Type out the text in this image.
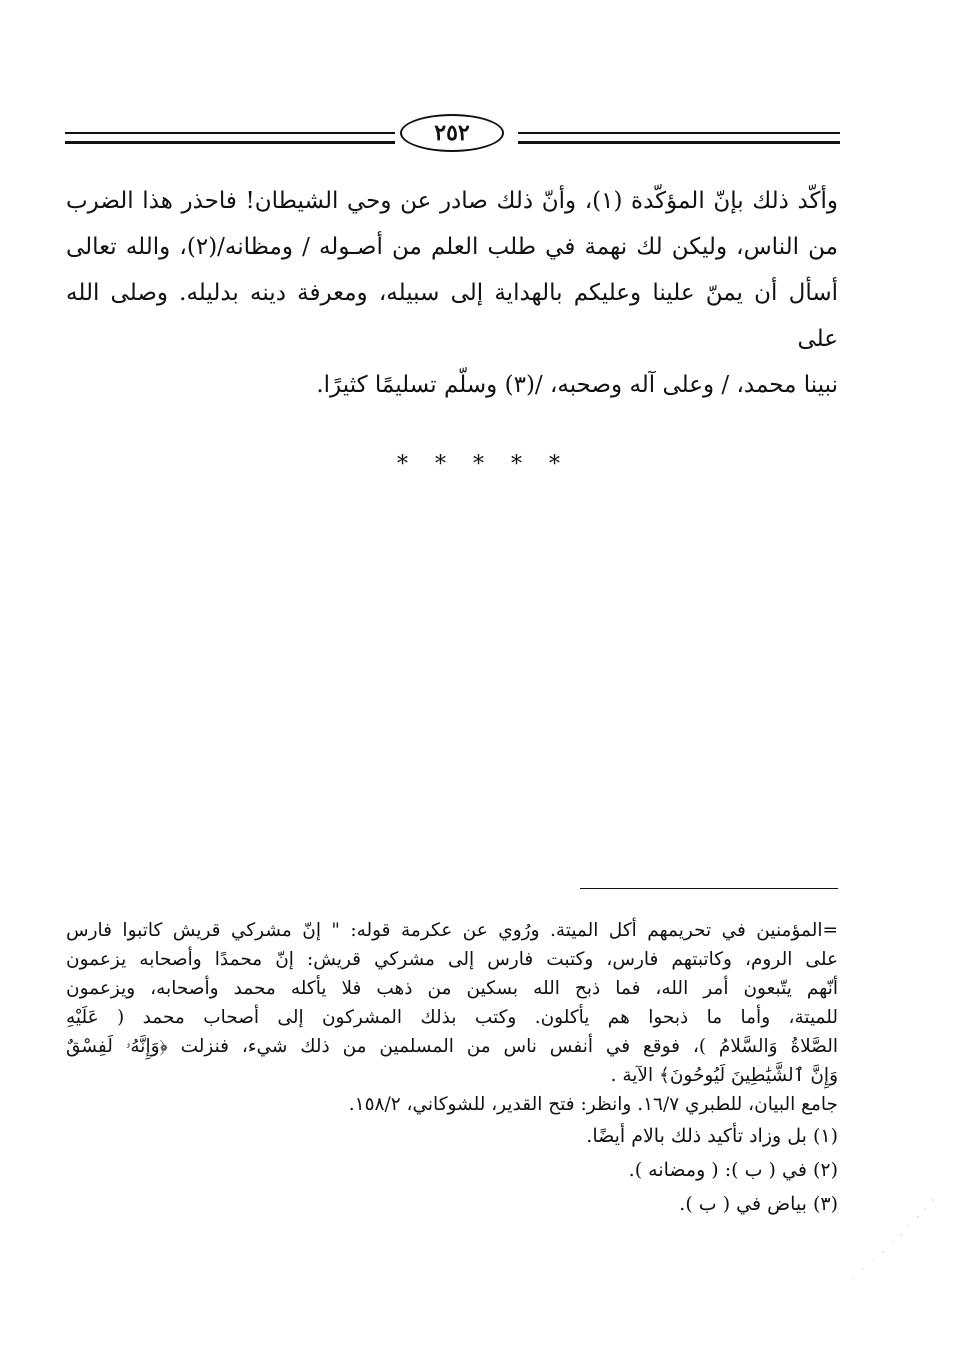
٢٥٢
وأكّد ذلك بإنّ المؤكّدة (١)، وأنّ ذلك صادر عن وحي الشيطان! فاحذر هذا الضرب
من الناس، وليكن لك نهمة في طلب العلم من أصـوله / ومظانه/(٢)، والله تعالى
أسأل أن يمنّ علينا وعليكم بالهداية إلى سبيله، ومعرفة دينه بدليله. وصلى الله على
نبينا محمد، / وعلى آله وصحبه، /(٣) وسلّم تسليمًا كثيرًا.
* * * * *
=المؤمنين في تحريمهم أكل الميتة. ورُوي عن عكرمة قوله: " إنّ مشركي قريش كاتبوا فارس
على الروم، وكاتبتهم فارس، وكتبت فارس إلى مشركي قريش: إنّ محمدًا وأصحابه يزعمون
أنّهم يتّبعون أمر الله، فما ذبح الله بسكين من ذهب فلا يأكله محمد وأصحابه، ويزعمون
للميتة، وأما ما ذبحوا هم يأكلون. وكتب بذلك المشركون إلى أصحاب محمد ( عَلَيْهِ
الصَّلاةُ وَالسَّلامُ )، فوقع في أنفس ناس من المسلمين من ذلك شيء، فنزلت ﴿وَإِنَّهُۥ لَفِسْقٌ
وَإِنَّ ٱلشَّيَٰطِينَ لَيُوحُونَ﴾ الآية .
جامع البيان، للطبري ١٦/٧. وانظر: فتح القدير، للشوكاني، ١٥٨/٢.
(١) بل وزاد تأكيد ذلك بالام أيضًا.
(٢) في ( ب ): ( ومضانه ).
(٣) بياض في ( ب ).
